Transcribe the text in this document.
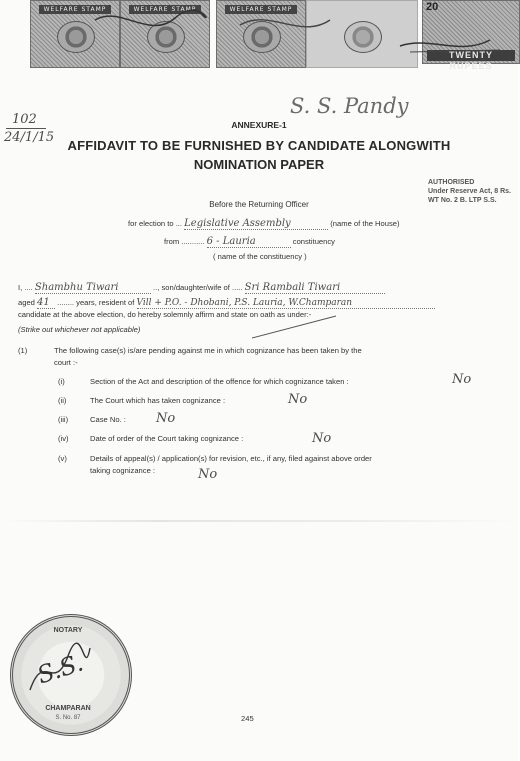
WELFARE STAMP	WELFARE STAMP	WELFARE STAMP	20
TWENTY RUPEES
102
24/1/15
S. S. Pandy
ANNEXURE-1
AFFIDAVIT TO BE FURNISHED BY CANDIDATE ALONGWITH
NOMINATION PAPER
AUTHORISED
Under Reserve Act, 8 Rs.
WT No. 2 B. LTP S.S.
Before the Returning Officer
for election to ... Legislative Assembly	(name of the House)
from ........... 6 - Lauria	constituency
( name of the constituency )
I, .... Shambhu Tiwari	.., son/daughter/wife of ..... Sri Rambali Tiwari
aged 41 ........ years, resident of Vill + P.O. - Dhobani, P.S. Lauria, W.Champaran
candidate at the above election, do hereby solemnly affirm and state on oath as under:-
(Strike out whichever not applicable)
(1)	The following case(s) is/are pending against me in which cognizance has been taken by the
court :-
(i)	Section of the Act and description of the offence for which cognizance taken :	No
(ii)	The Court which has taken cognizance :	No
(iii)	Case No. : No
(iv)	Date of order of the Court taking cognizance :	No
(v)	Details of appeal(s) / application(s) for revision, etc., if any, filed against above order
taking cognizance :	No
NOTARY
CHAMPARAN
S. No. 87
S.S.
245
